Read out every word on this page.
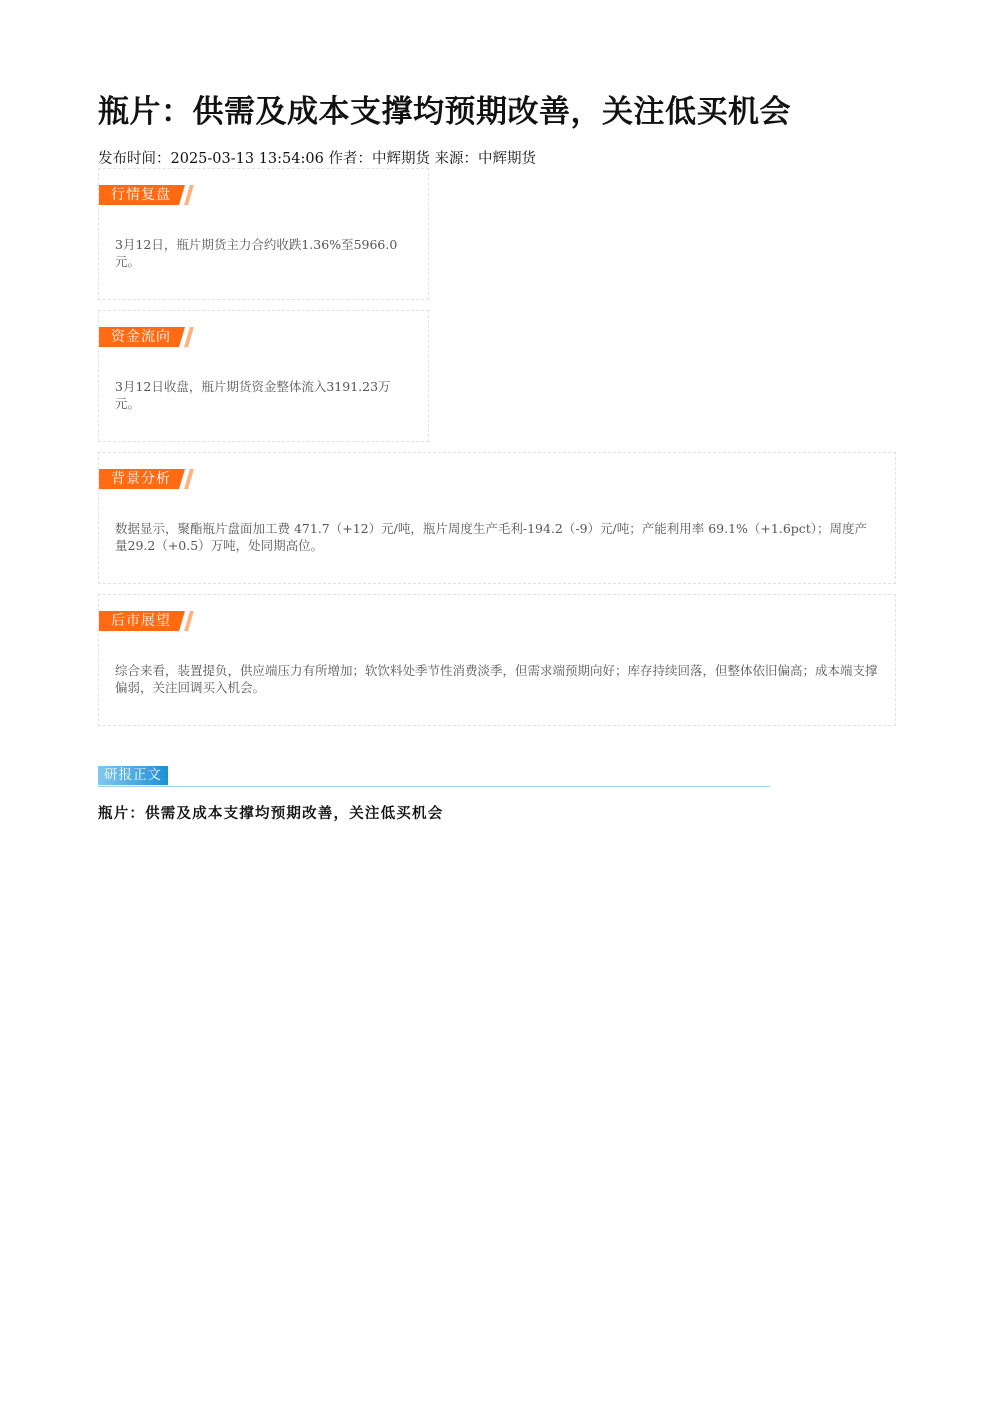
瓶片：供需及成本支撑均预期改善，关注低买机会
发布时间：2025-03-13 13:54:06 作者：中辉期货 来源：中辉期货
行情复盘
3月12日，瓶片期货主力合约收跌1.36%至5966.0元。
资金流向
3月12日收盘，瓶片期货资金整体流入3191.23万元。
背景分析
数据显示，聚酯瓶片盘面加工费 471.7（+12）元/吨，瓶片周度生产毛利-194.2（-9）元/吨；产能利用率 69.1%（+1.6pct）；周度产量29.2（+0.5）万吨，处同期高位。
后市展望
综合来看，装置提负，供应端压力有所增加；软饮料处季节性消费淡季，但需求端预期向好；库存持续回落，但整体依旧偏高；成本端支撑偏弱，关注回调买入机会。
研报正文
瓶片：供需及成本支撑均预期改善，关注低买机会
